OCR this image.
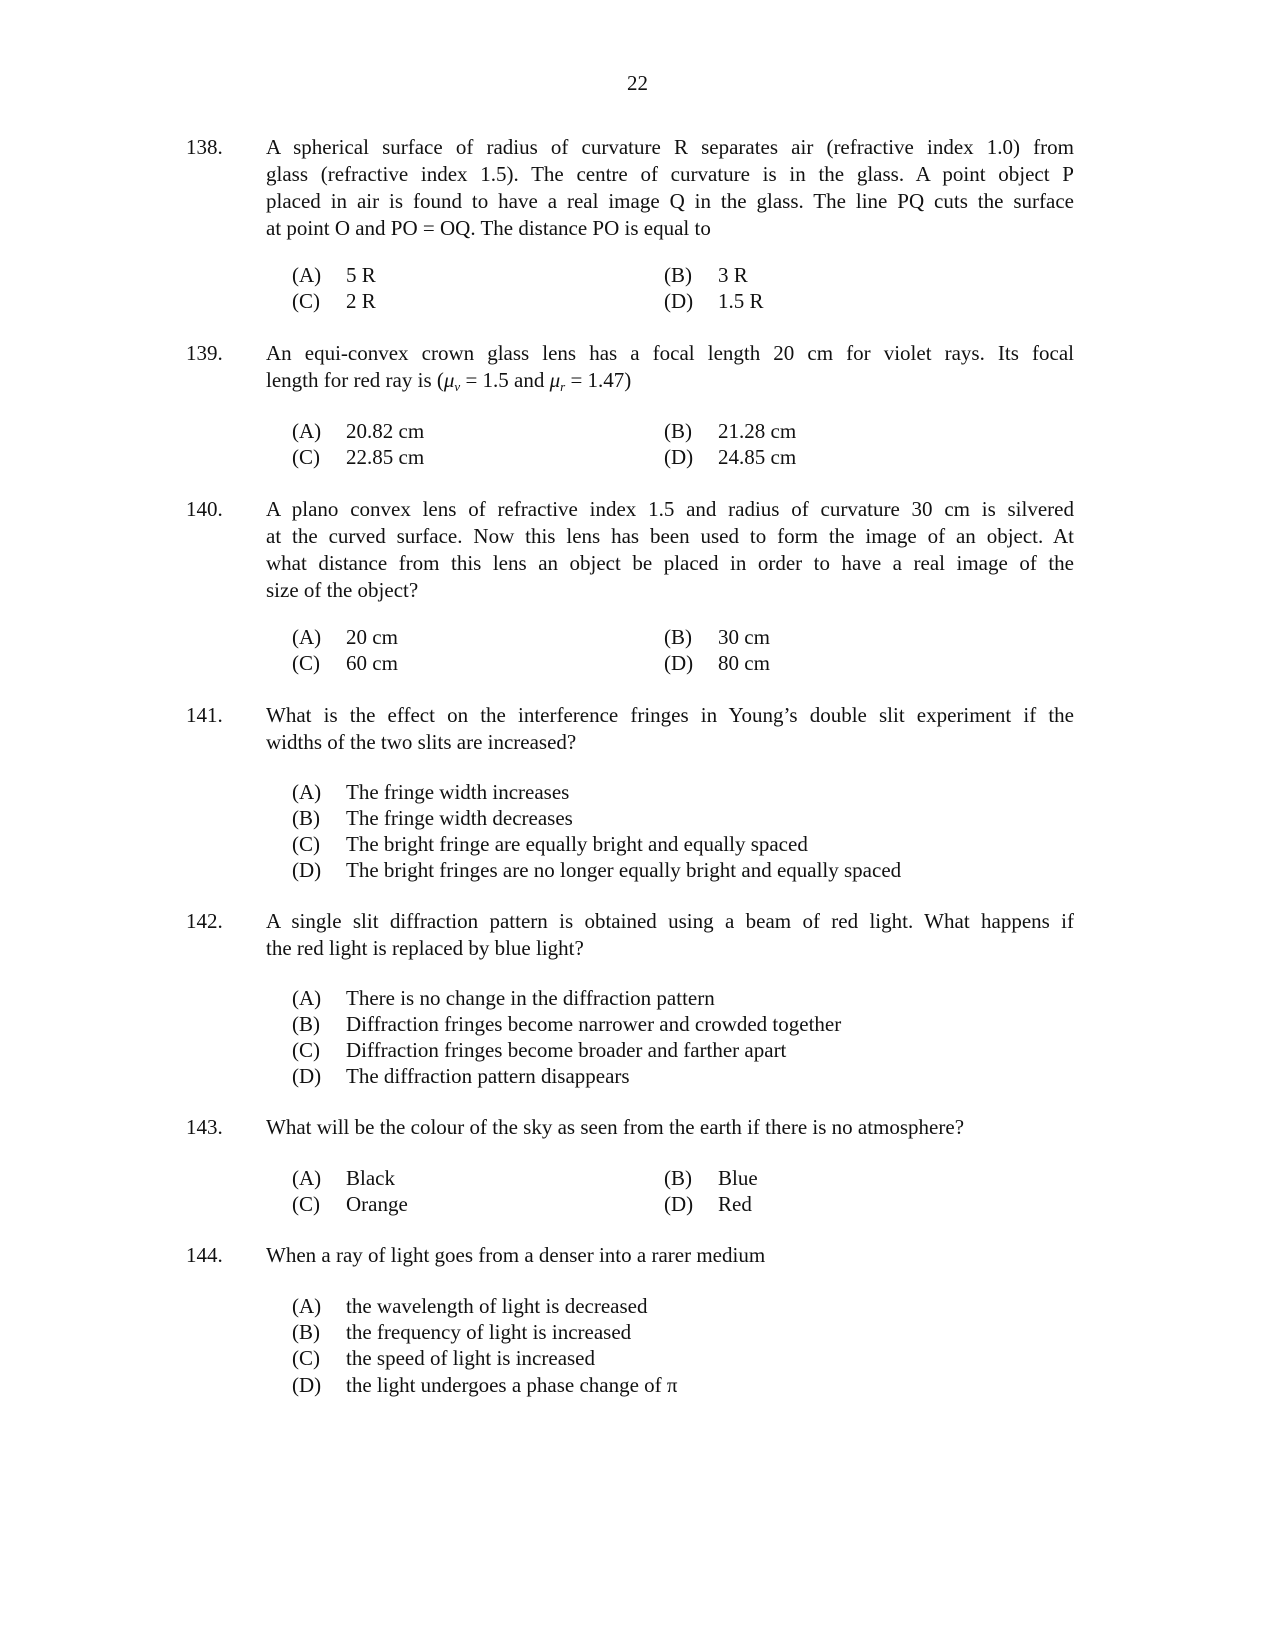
22
138.	A spherical surface of radius of curvature R separates air (refractive index 1.0) from
glass (refractive index 1.5). The centre of curvature is in the glass. A point object P
placed in air is found to have a real image Q in the glass. The line PQ cuts the surface
at point O and PO = OQ. The distance PO is equal to
(A) 5 R	(B) 3 R
(C) 2 R	(D) 1.5 R
139.	An equi-convex crown glass lens has a focal length 20 cm for violet rays. Its focal
length for red ray is ($\mu_v = 1.5$ and $\mu_r = 1.47$)
(A) 20.82 cm	(B) 21.28 cm
(C) 22.85 cm	(D) 24.85 cm
140.	A plano convex lens of refractive index 1.5 and radius of curvature 30 cm is silvered
at the curved surface. Now this lens has been used to form the image of an object. At
what distance from this lens an object be placed in order to have a real image of the
size of the object?
(A) 20 cm	(B) 30 cm
(C) 60 cm	(D) 80 cm
141.	What is the effect on the interference fringes in Young’s double slit experiment if the
widths of the two slits are increased?
(A) The fringe width increases
(B) The fringe width decreases
(C) The bright fringe are equally bright and equally spaced
(D) The bright fringes are no longer equally bright and equally spaced
142.	A single slit diffraction pattern is obtained using a beam of red light. What happens if
the red light is replaced by blue light?
(A) There is no change in the diffraction pattern
(B) Diffraction fringes become narrower and crowded together
(C) Diffraction fringes become broader and farther apart
(D) The diffraction pattern disappears
143.	What will be the colour of the sky as seen from the earth if there is no atmosphere?
(A) Black	(B) Blue
(C) Orange	(D) Red
144.	When a ray of light goes from a denser into a rarer medium
(A) the wavelength of light is decreased
(B) the frequency of light is increased
(C) the speed of light is increased
(D) the light undergoes a phase change of π
